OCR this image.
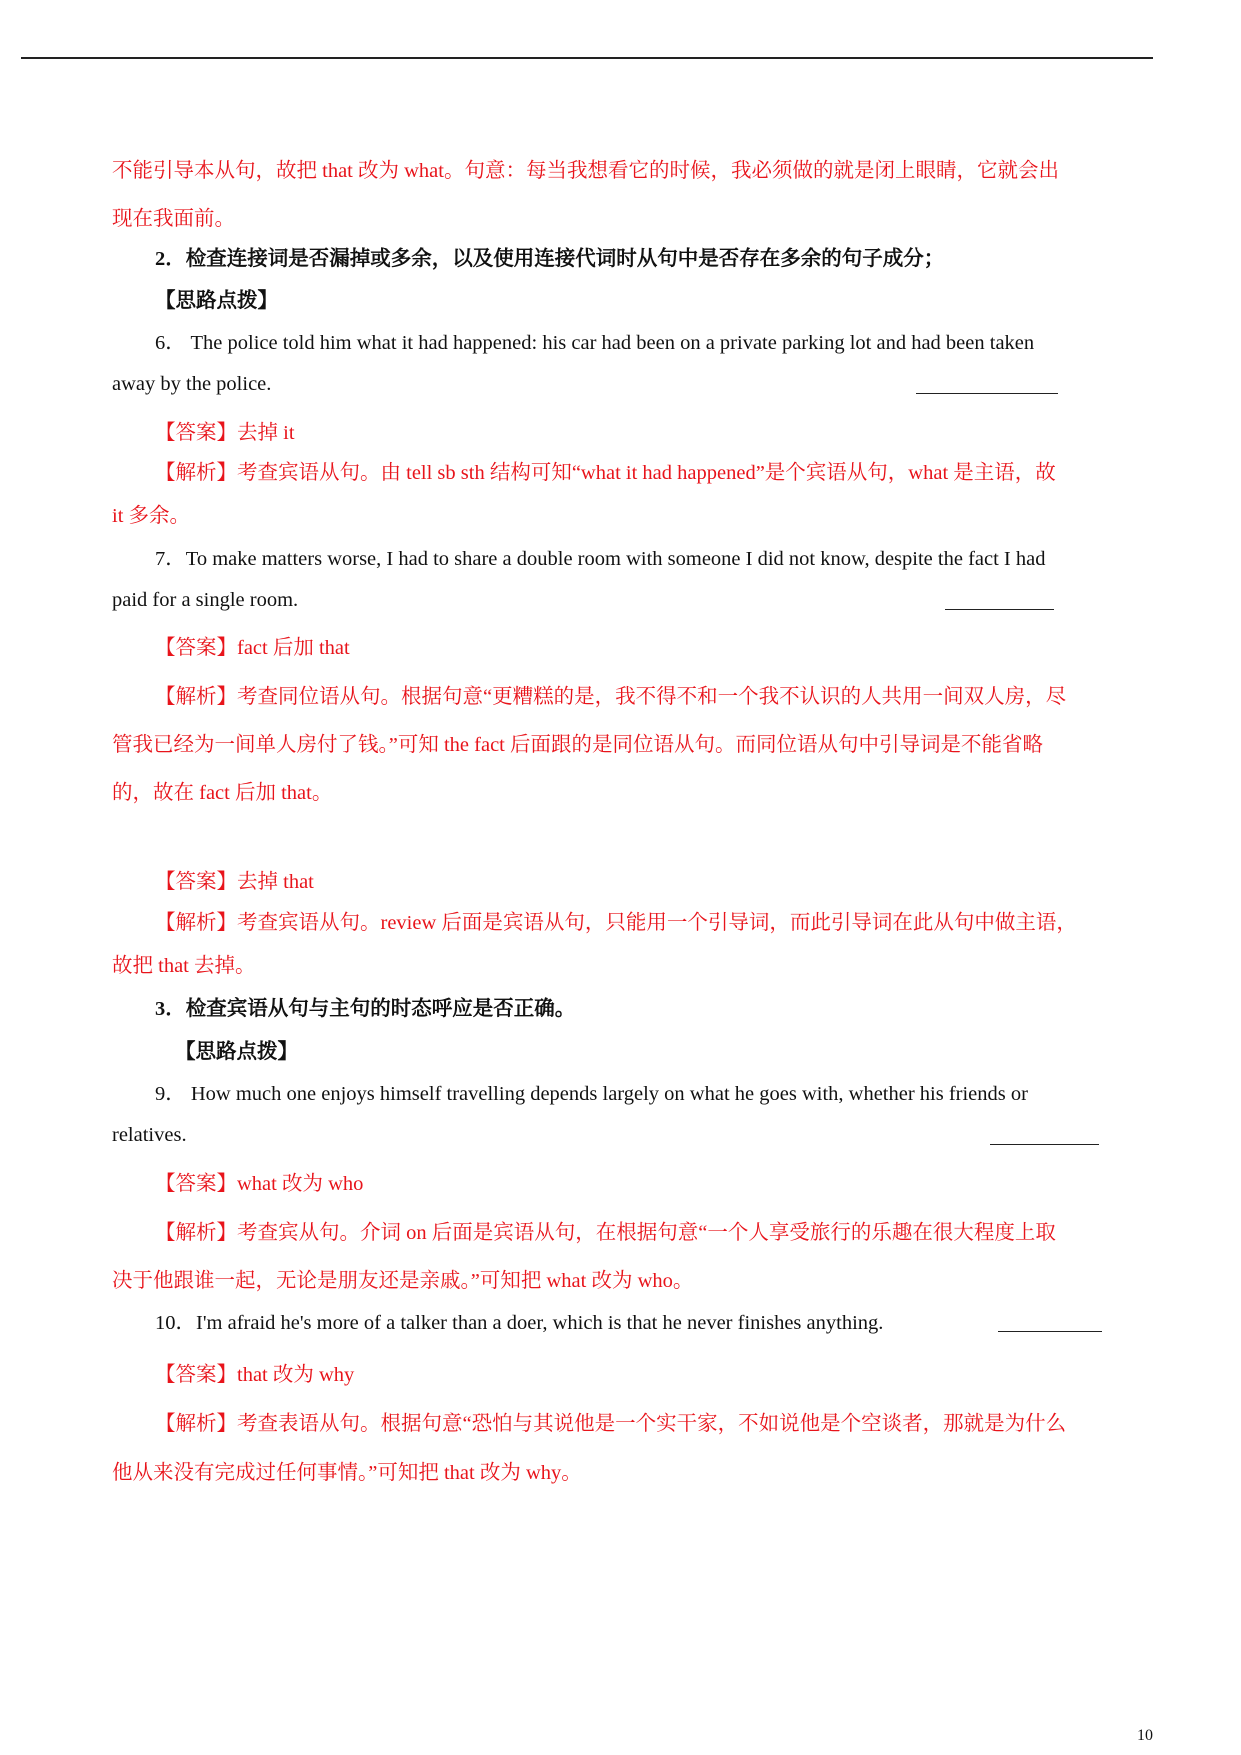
不能引导本从句，故把 that 改为 what。句意：每当我想看它的时候，我必须做的就是闭上眼睛，它就会出
现在我面前。
2．检查连接词是否漏掉或多余，以及使用连接代词时从句中是否存在多余的句子成分；
【思路点拨】
6． The police told him what it had happened: his car had been on a private parking lot and had been taken
away by the police.
【答案】去掉 it
【解析】考查宾语从句。由 tell sb sth 结构可知“what it had happened”是个宾语从句，what 是主语，故
it 多余。
7．To make matters worse, I had to share a double room with someone I did not know, despite the fact I had
paid for a single room.
【答案】fact 后加 that
【解析】考查同位语从句。根据句意“更糟糕的是，我不得不和一个我不认识的人共用一间双人房，尽
管我已经为一间单人房付了钱。”可知 the fact 后面跟的是同位语从句。而同位语从句中引导词是不能省略
的，故在 fact 后加 that。
【答案】去掉 that
【解析】考查宾语从句。review 后面是宾语从句，只能用一个引导词，而此引导词在此从句中做主语，
故把 that 去掉。
3．检查宾语从句与主句的时态呼应是否正确。
【思路点拨】
9． How much one enjoys himself travelling depends largely on what he goes with, whether his friends or
relatives.
【答案】what 改为 who
【解析】考查宾从句。介词 on 后面是宾语从句，在根据句意“一个人享受旅行的乐趣在很大程度上取
决于他跟谁一起，无论是朋友还是亲戚。”可知把 what 改为 who。
10．I'm afraid he's more of a talker than a doer, which is that he never finishes anything.
【答案】that 改为 why
【解析】考查表语从句。根据句意“恐怕与其说他是一个实干家，不如说他是个空谈者，那就是为什么
他从来没有完成过任何事情。”可知把 that 改为 why。
10
